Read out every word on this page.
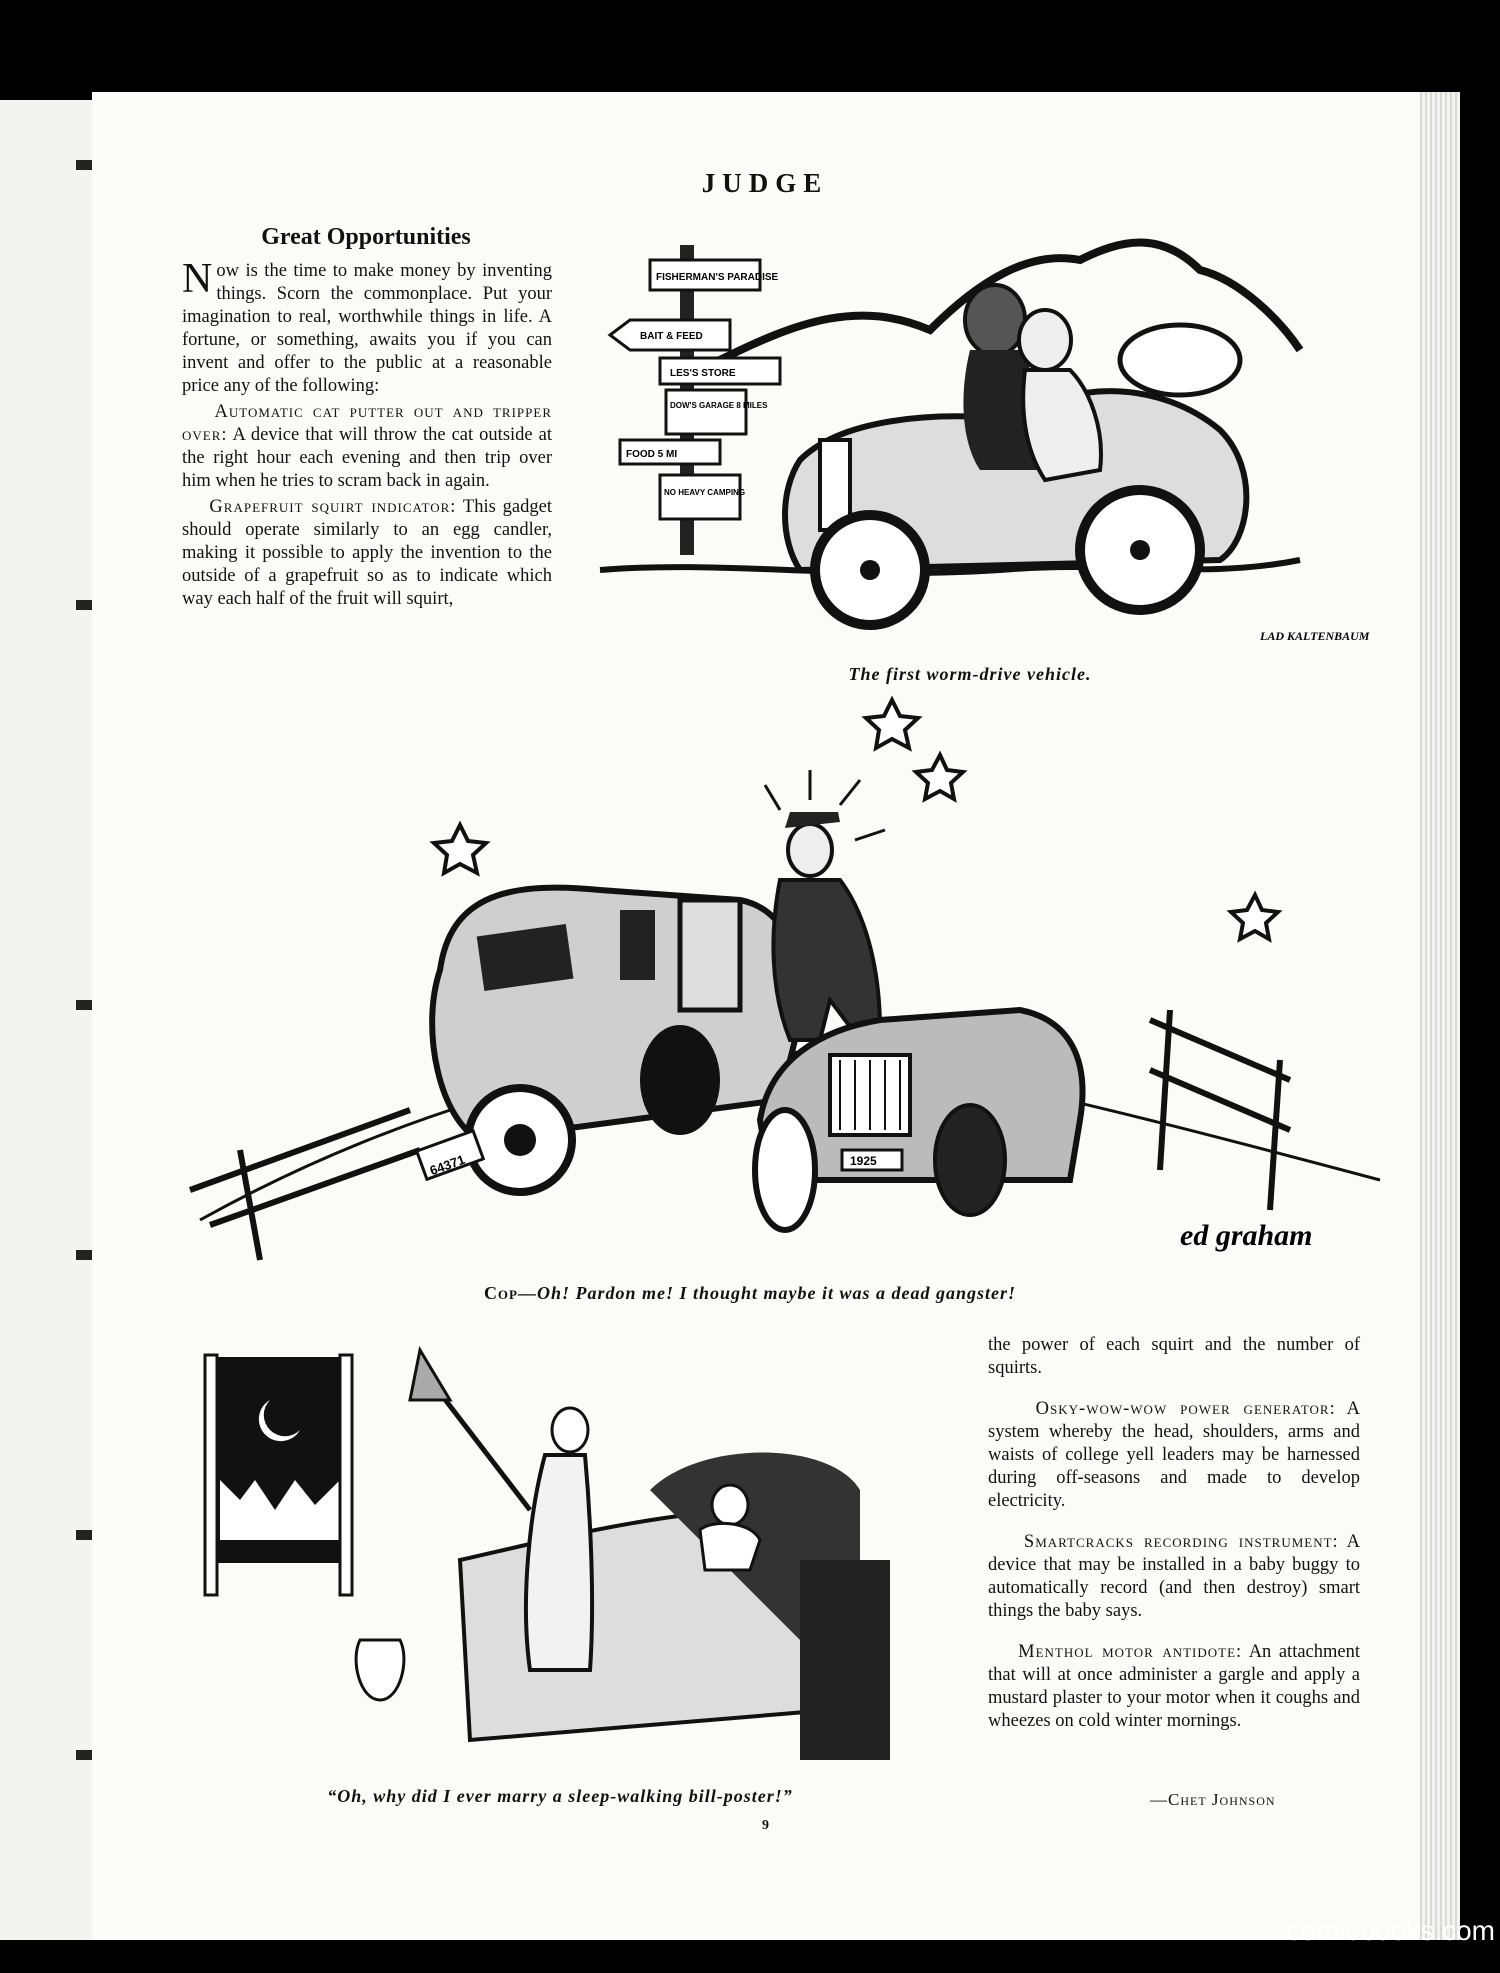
JUDGE
Great Opportunities

Now is the time to make money by inventing things. Scorn the commonplace. Put your imagination to real, worthwhile things in life. A fortune, or something, awaits you if you can invent and offer to the public at a reasonable price any of the following:

Automatic cat putter out and tripper over: A device that will throw the cat outside at the right hour each evening and then trip over him when he tries to scram back in again.

Grapefruit squirt indicator: This gadget should operate similarly to an egg candler, making it possible to apply the invention to the outside of a grapefruit so as to indicate which way each half of the fruit will squirt,

the power of each squirt and the number of squirts.

Osky-wow-wow power generator: A system whereby the head, shoulders, arms and waists of college yell leaders may be harnessed during off-seasons and made to develop electricity.

Smartcracks recording instrument: A device that may be installed in a baby buggy to automatically record (and then destroy) smart things the baby says.

Menthol motor antidote: An attachment that will at once administer a gargle and apply a mustard plaster to your motor when it coughs and wheezes on cold winter mornings.

—Chet Johnson
FISHERMAN'S PARADISE
BAIT & FEED
LES'S STORE
DOW'S GARAGE 8 MILES
FOOD 5 MI
NO HEAVY CAMPING
LAD KALTENBAUM
The first worm-drive vehicle.
64371	1925
ed graham
Cop—Oh! Pardon me! I thought maybe it was a dead gangster!
“Oh, why did I ever marry a sleep-walking bill-poster!”
9
comicbooks.com
